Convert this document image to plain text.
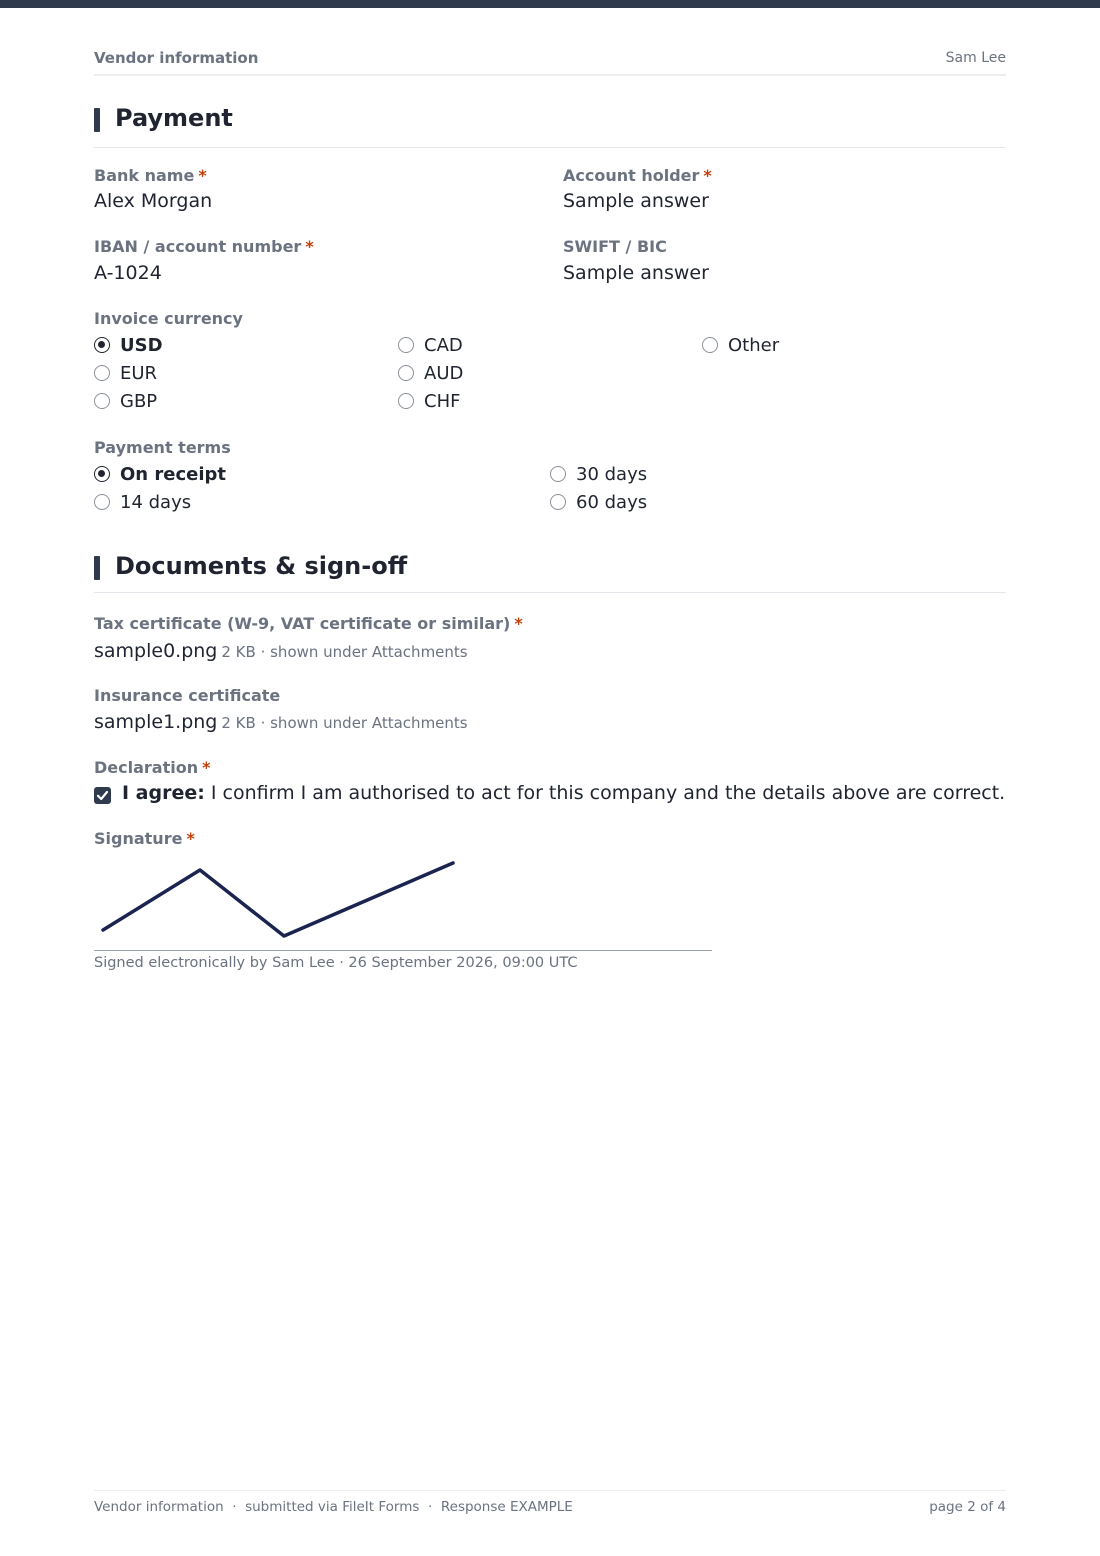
Vendor information	Sam Lee
Payment
Bank name *
Alex Morgan
Account holder *
Sample answer
IBAN / account number *
A-1024
SWIFT / BIC
Sample answer
Invoice currency
USD
EUR
GBP
CAD
AUD
CHF
Other
Payment terms
On receipt
14 days
30 days
60 days
Documents & sign-off
Tax certificate (W-9, VAT certificate or similar) *
sample0.png 2 KB · shown under Attachments
Insurance certificate
sample1.png 2 KB · shown under Attachments
Declaration *
I agree: I confirm I am authorised to act for this company and the details above are correct.
Signature *
Signed electronically by Sam Lee · 26 September 2026, 09:00 UTC
Vendor information  ·  submitted via FileIt Forms  ·  Response EXAMPLE	page 2 of 4
